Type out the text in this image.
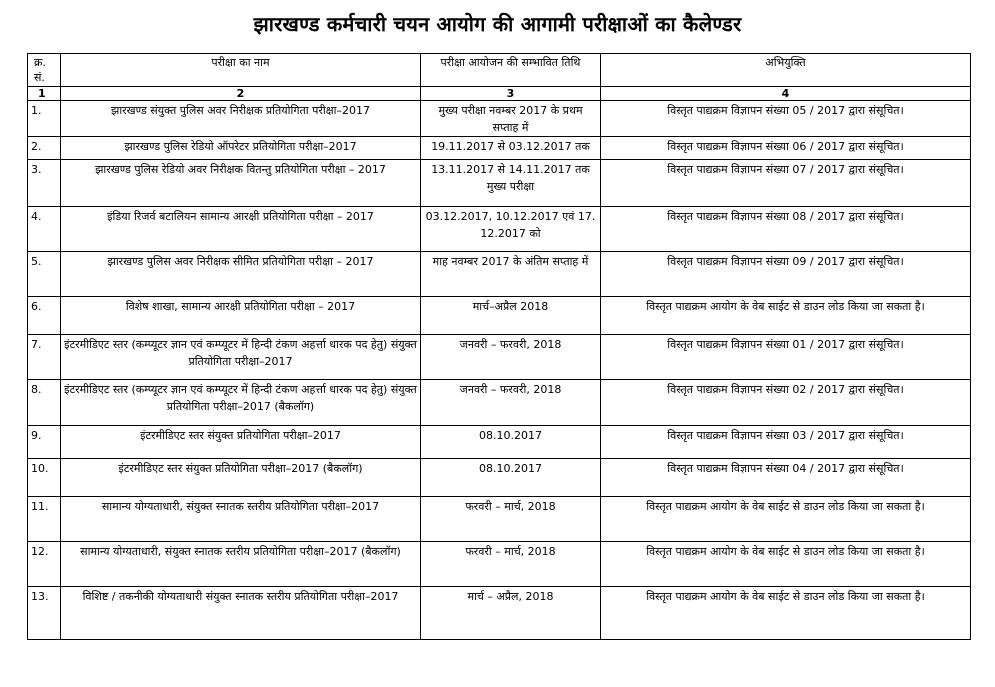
झारखण्ड कर्मचारी चयन आयोग की आगामी परीक्षाओं का कैलेण्डर
क्र. सं.	परीक्षा का नाम	परीक्षा आयोजन की सम्भावित तिथि	अभियुक्ति
1	2	3	4
1.	झारखण्ड संयुक्त पुलिस अवर निरीक्षक प्रतियोगिता परीक्षा–2017	मुख्य परीक्षा नवम्बर 2017 के प्रथम सप्ताह में	विस्तृत पाद्यक्रम विज्ञापन संख्या 05 / 2017 द्वारा संसूचित।
2.	झारखण्ड पुलिस रेडियो ऑपरेटर प्रतियोगिता परीक्षा–2017	19.11.2017 से 03.12.2017 तक	विस्तृत पाद्यक्रम विज्ञापन संख्या 06 / 2017 द्वारा संसूचित।
3.	झारखण्ड पुलिस रेडियो अवर निरीक्षक वितन्तु प्रतियोगिता परीक्षा – 2017	13.11.2017 से 14.11.2017 तक मुख्य परीक्षा	विस्तृत पाद्यक्रम विज्ञापन संख्या 07 / 2017 द्वारा संसूचित।
4.	इंडिया रिजर्व बटालियन सामान्य आरक्षी प्रतियोगिता परीक्षा – 2017	03.12.2017, 10.12.2017 एवं 17. 12.2017 को	विस्तृत पाद्यक्रम विज्ञापन संख्या 08 / 2017 द्वारा संसूचित।
5.	झारखण्ड पुलिस अवर निरीक्षक सीमित प्रतियोगिता परीक्षा – 2017	माह नवम्बर 2017 के अंतिम सप्ताह में	विस्तृत पाद्यक्रम विज्ञापन संख्या 09 / 2017 द्वारा संसूचित।
6.	विशेष शाखा, सामान्य आरक्षी प्रतियोगिता परीक्षा – 2017	मार्च–अप्रैल 2018	विस्तृत पाद्यक्रम आयोग के वेब साईट से डाउन लोड किया जा सकता है।
7.	इंटरमीडिएट स्तर (कम्प्यूटर ज्ञान एवं कम्प्यूटर में हिन्दी टंकण अहर्त्ता धारक पद हेतु) संयुक्त प्रतियोगिता परीक्षा–2017	जनवरी – फरवरी, 2018	विस्तृत पाद्यक्रम विज्ञापन संख्या 01 / 2017 द्वारा संसूचित।
8.	इंटरमीडिएट स्तर (कम्प्यूटर ज्ञान एवं कम्प्यूटर में हिन्दी टंकण अहर्त्ता धारक पद हेतु) संयुक्त प्रतियोगिता परीक्षा–2017 (बैकलॉग)	जनवरी – फरवरी, 2018	विस्तृत पाद्यक्रम विज्ञापन संख्या 02 / 2017 द्वारा संसूचित।
9.	इंटरमीडिएट स्तर संयुक्त प्रतियोगिता परीक्षा–2017	08.10.2017	विस्तृत पाद्यक्रम विज्ञापन संख्या 03 / 2017 द्वारा संसूचित।
10.	इंटरमीडिएट स्तर संयुक्त प्रतियोगिता परीक्षा–2017 (बैकलॉग)	08.10.2017	विस्तृत पाद्यक्रम विज्ञापन संख्या 04 / 2017 द्वारा संसूचित।
11.	सामान्य योग्यताधारी, संयुक्त स्नातक स्तरीय प्रतियोगिता परीक्षा–2017	फरवरी – मार्च, 2018	विस्तृत पाद्यक्रम आयोग के वेब साईट से डाउन लोड किया जा सकता है।
12.	सामान्य योग्यताधारी, संयुक्त स्नातक स्तरीय प्रतियोगिता परीक्षा–2017 (बैकलॉग)	फरवरी – मार्च, 2018	विस्तृत पाद्यक्रम आयोग के वेब साईट से डाउन लोड किया जा सकता है।
13.	विशिष्ट / तकनीकी योग्यताधारी संयुक्त स्नातक स्तरीय प्रतियोगिता परीक्षा–2017	मार्च – अप्रैल, 2018	विस्तृत पाद्यक्रम आयोग के वेब साईट से डाउन लोड किया जा सकता है।
